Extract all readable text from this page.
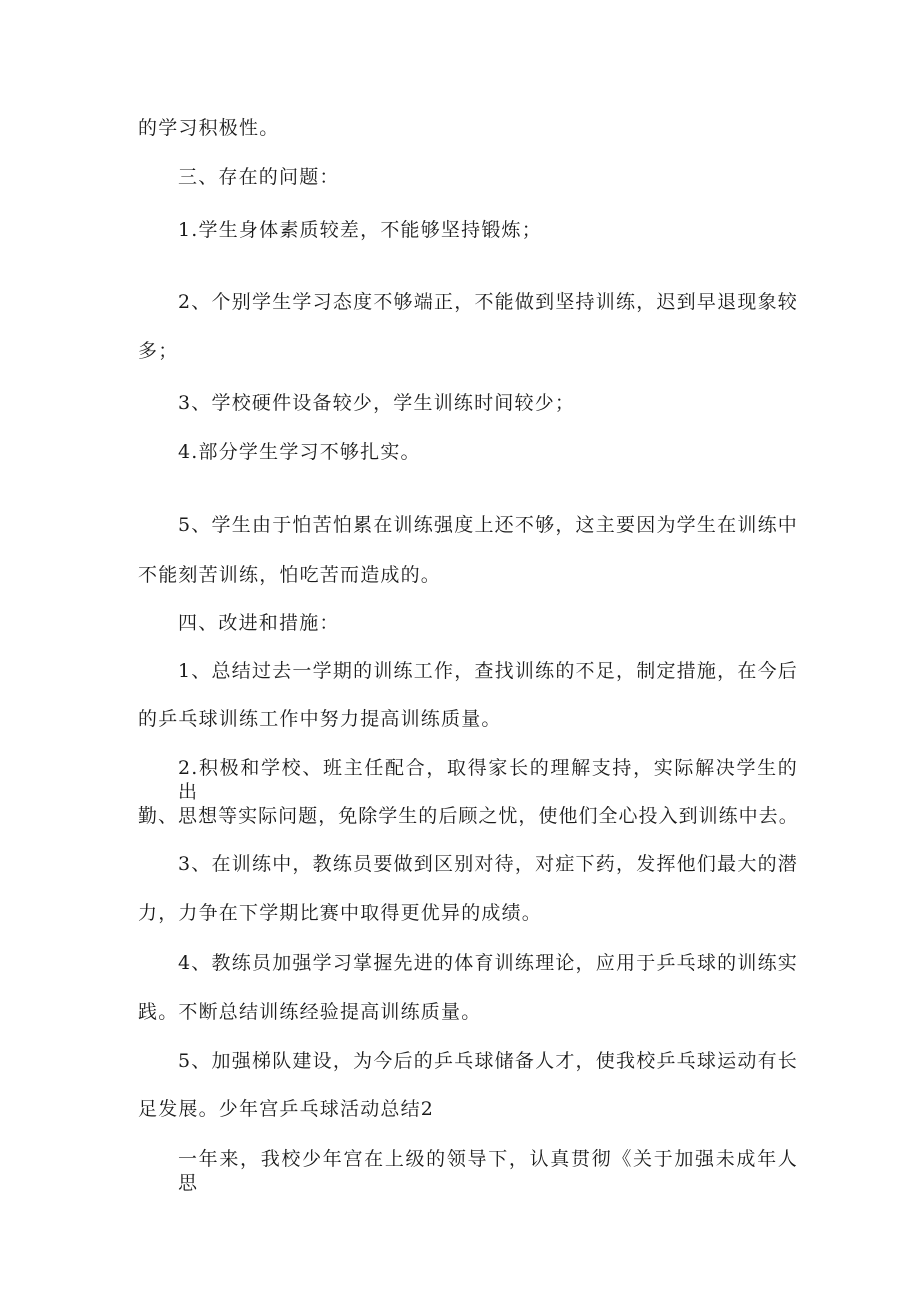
的学习积极性。
三、存在的问题：
1.学生身体素质较差，不能够坚持锻炼；
2、个别学生学习态度不够端正，不能做到坚持训练，迟到早退现象较
多；
3、学校硬件设备较少，学生训练时间较少；
4.部分学生学习不够扎实。
5、学生由于怕苦怕累在训练强度上还不够，这主要因为学生在训练中
不能刻苦训练，怕吃苦而造成的。
四、改进和措施：
1、总结过去一学期的训练工作，查找训练的不足，制定措施，在今后
的乒乓球训练工作中努力提高训练质量。
2.积极和学校、班主任配合，取得家长的理解支持，实际解决学生的出
勤、思想等实际问题，免除学生的后顾之忧，使他们全心投入到训练中去。
3、在训练中，教练员要做到区别对待，对症下药，发挥他们最大的潜
力，力争在下学期比赛中取得更优异的成绩。
4、教练员加强学习掌握先进的体育训练理论，应用于乒乓球的训练实
践。不断总结训练经验提高训练质量。
5、加强梯队建设，为今后的乒乓球储备人才，使我校乒乓球运动有长
足发展。少年宫乒乓球活动总结2
一年来，我校少年宫在上级的领导下，认真贯彻《关于加强未成年人思
